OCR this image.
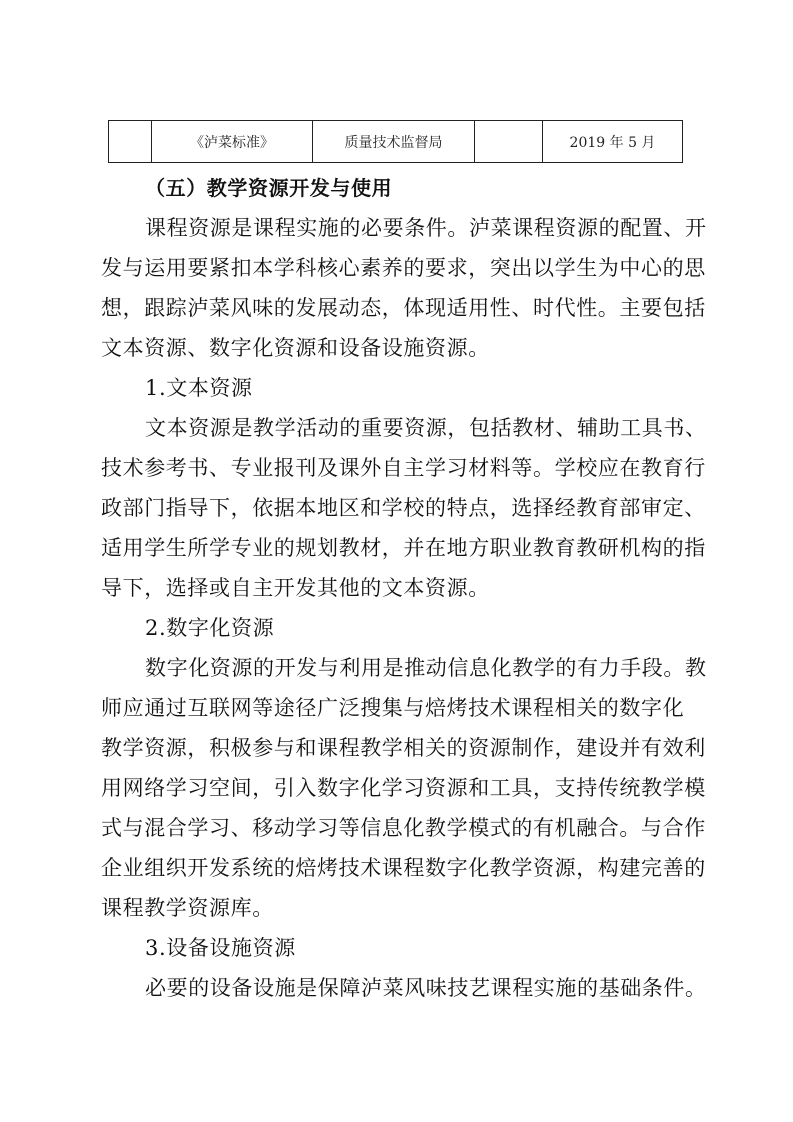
	《泸菜标准》	质量技术监督局		2019 年 5 月
（五）教学资源开发与使用
课程资源是课程实施的必要条件。泸菜课程资源的配置、开
发与运用要紧扣本学科核心素养的要求，突出以学生为中心的思
想，跟踪泸菜风味的发展动态，体现适用性、时代性。主要包括
文本资源、数字化资源和设备设施资源。
1.文本资源
文本资源是教学活动的重要资源，包括教材、辅助工具书、
技术参考书、专业报刊及课外自主学习材料等。学校应在教育行
政部门指导下，依据本地区和学校的特点，选择经教育部审定、
适用学生所学专业的规划教材，并在地方职业教育教研机构的指
导下，选择或自主开发其他的文本资源。
2.数字化资源
数字化资源的开发与利用是推动信息化教学的有力手段。教
师应通过互联网等途径广泛搜集与焙烤技术课程相关的数字化
教学资源，积极参与和课程教学相关的资源制作，建设并有效利
用网络学习空间，引入数字化学习资源和工具，支持传统教学模
式与混合学习、移动学习等信息化教学模式的有机融合。与合作
企业组织开发系统的焙烤技术课程数字化教学资源，构建完善的
课程教学资源库。
3.设备设施资源
必要的设备设施是保障泸菜风味技艺课程实施的基础条件。
